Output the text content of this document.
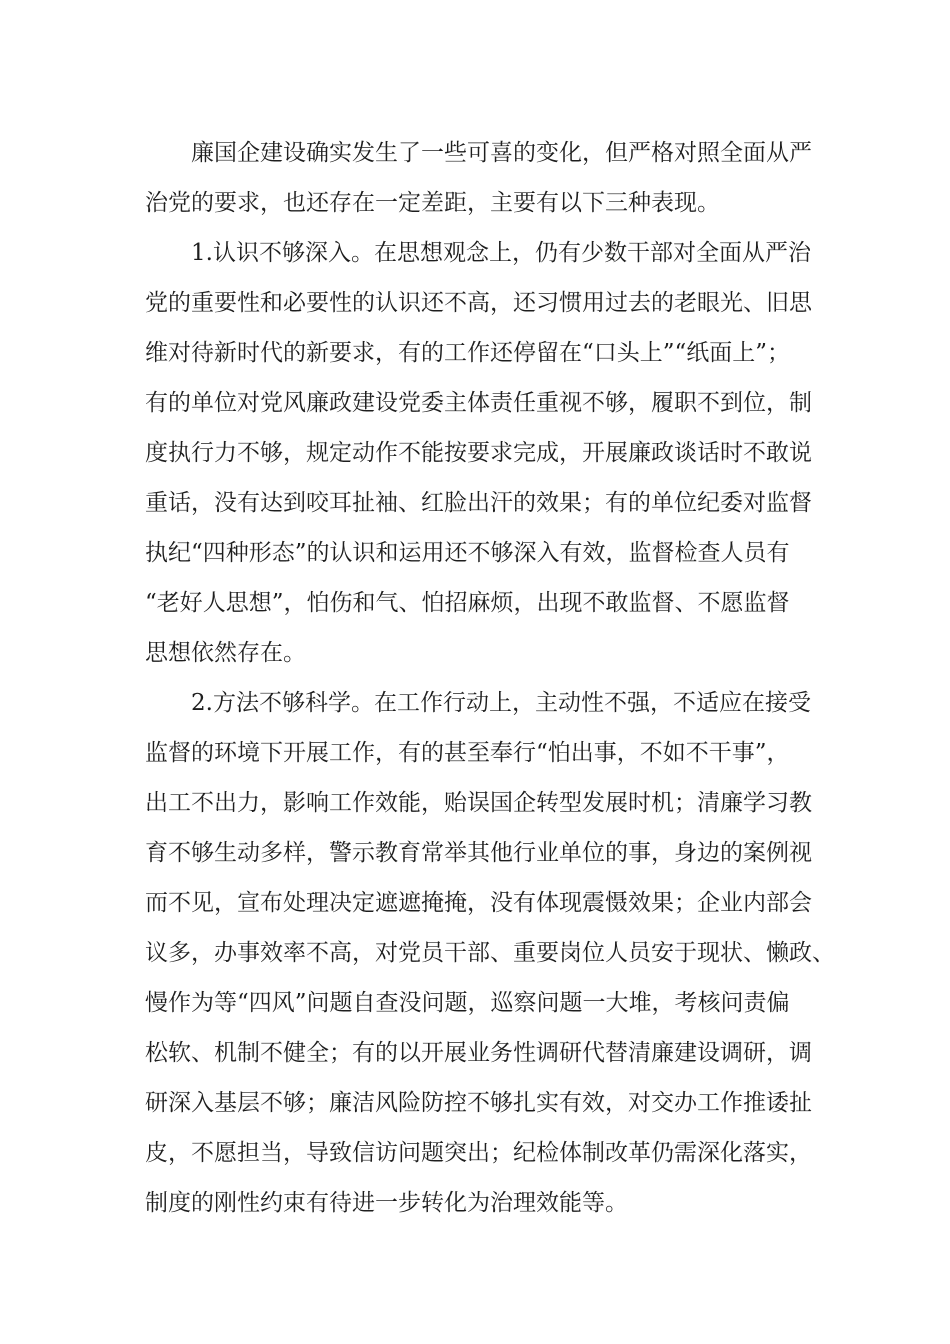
廉国企建设确实发生了一些可喜的变化，但严格对照全面从严
治党的要求，也还存在一定差距，主要有以下三种表现。
1.认识不够深入。在思想观念上，仍有少数干部对全面从严治
党的重要性和必要性的认识还不高，还习惯用过去的老眼光、旧思
维对待新时代的新要求，有的工作还停留在“口头上”“纸面上”；
有的单位对党风廉政建设党委主体责任重视不够，履职不到位，制
度执行力不够，规定动作不能按要求完成，开展廉政谈话时不敢说
重话，没有达到咬耳扯袖、红脸出汗的效果；有的单位纪委对监督
执纪“四种形态”的认识和运用还不够深入有效，监督检查人员有
“老好人思想”，怕伤和气、怕招麻烦，出现不敢监督、不愿监督
思想依然存在。
2.方法不够科学。在工作行动上，主动性不强，不适应在接受
监督的环境下开展工作，有的甚至奉行“怕出事，不如不干事”，
出工不出力，影响工作效能，贻误国企转型发展时机；清廉学习教
育不够生动多样，警示教育常举其他行业单位的事，身边的案例视
而不见，宣布处理决定遮遮掩掩，没有体现震慑效果；企业内部会
议多，办事效率不高，对党员干部、重要岗位人员安于现状、懒政、
慢作为等“四风”问题自查没问题，巡察问题一大堆，考核问责偏
松软、机制不健全；有的以开展业务性调研代替清廉建设调研，调
研深入基层不够；廉洁风险防控不够扎实有效，对交办工作推诿扯
皮，不愿担当，导致信访问题突出；纪检体制改革仍需深化落实，
制度的刚性约束有待进一步转化为治理效能等。
